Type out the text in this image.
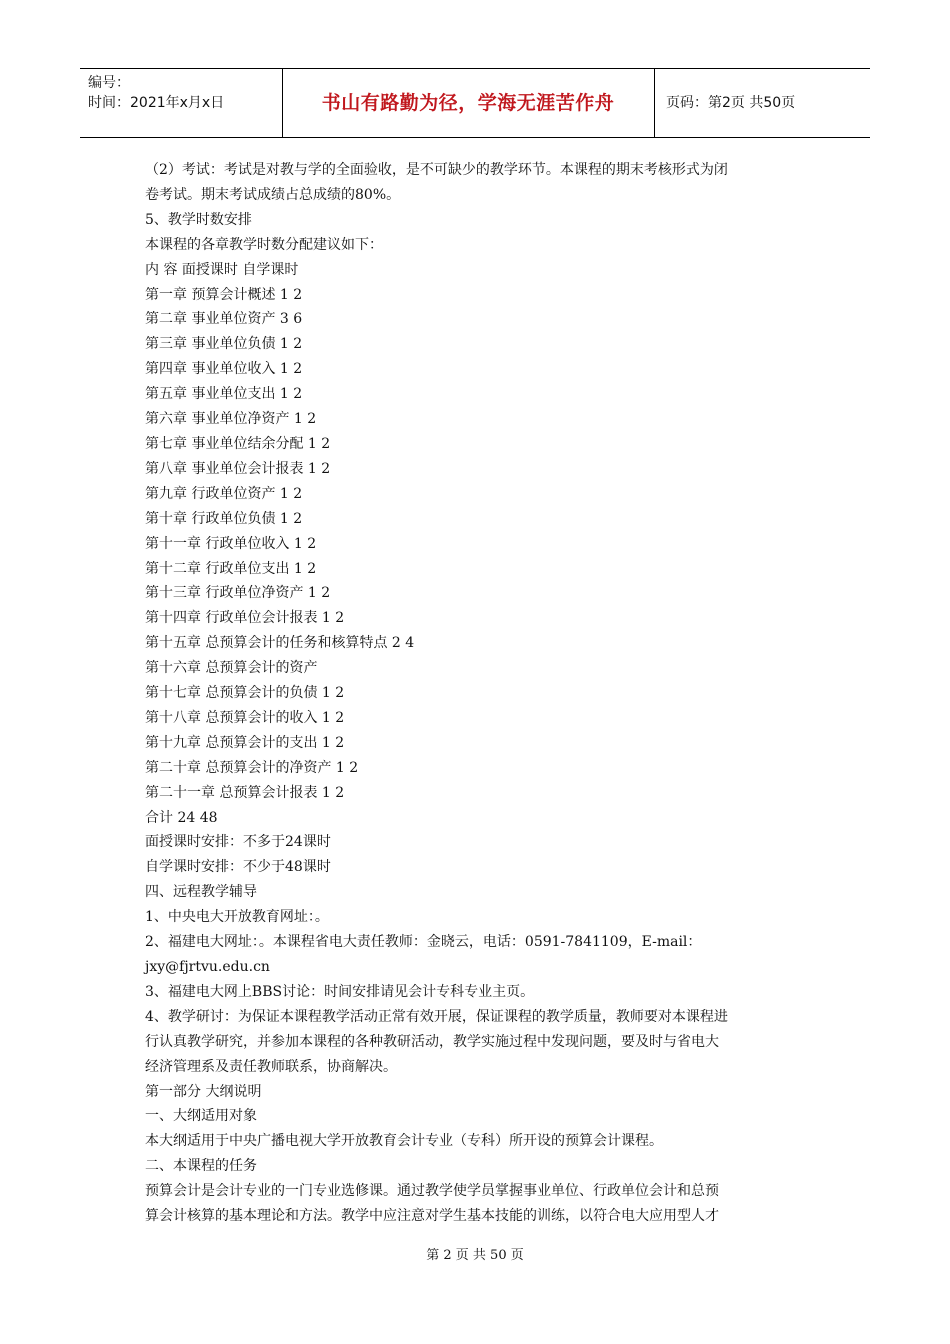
编号：
时间：2021年x月x日	书山有路勤为径，学海无涯苦作舟	页码：第2页 共50页

（2）考试：考试是对教与学的全面验收，是不可缺少的教学环节。本课程的期末考核形式为闭

卷考试。期末考试成绩占总成绩的80%。

5、教学时数安排

本课程的各章教学时数分配建议如下：

内 容 面授课时 自学课时

第一章 预算会计概述 1 2

第二章 事业单位资产 3 6

第三章 事业单位负债 1 2

第四章 事业单位收入 1 2

第五章 事业单位支出 1 2

第六章 事业单位净资产 1 2

第七章 事业单位结余分配 1 2

第八章 事业单位会计报表 1 2

第九章 行政单位资产 1 2

第十章 行政单位负债 1 2

第十一章 行政单位收入 1 2

第十二章 行政单位支出 1 2

第十三章 行政单位净资产 1 2

第十四章 行政单位会计报表 1 2

第十五章 总预算会计的任务和核算特点 2 4

第十六章 总预算会计的资产

第十七章 总预算会计的负债 1 2

第十八章 总预算会计的收入 1 2

第十九章 总预算会计的支出 1 2

第二十章 总预算会计的净资产 1 2

第二十一章 总预算会计报表 1 2

合计 24 48

面授课时安排：不多于24课时

自学课时安排：不少于48课时

四、远程教学辅导

1、中央电大开放教育网址：。

2、福建电大网址：。本课程省电大责任教师：金晓云，电话：0591-7841109，E-mail：

jxy@fjrtvu.edu.cn

3、福建电大网上BBS讨论：时间安排请见会计专科专业主页。

4、教学研讨：为保证本课程教学活动正常有效开展，保证课程的教学质量，教师要对本课程进

行认真教学研究，并参加本课程的各种教研活动，教学实施过程中发现问题，要及时与省电大

经济管理系及责任教师联系，协商解决。

第一部分 大纲说明

一、大纲适用对象

本大纲适用于中央广播电视大学开放教育会计专业（专科）所开设的预算会计课程。

二、本课程的任务

预算会计是会计专业的一门专业选修课。通过教学使学员掌握事业单位、行政单位会计和总预

算会计核算的基本理论和方法。教学中应注意对学生基本技能的训练，以符合电大应用型人才

第 2 页 共 50 页
